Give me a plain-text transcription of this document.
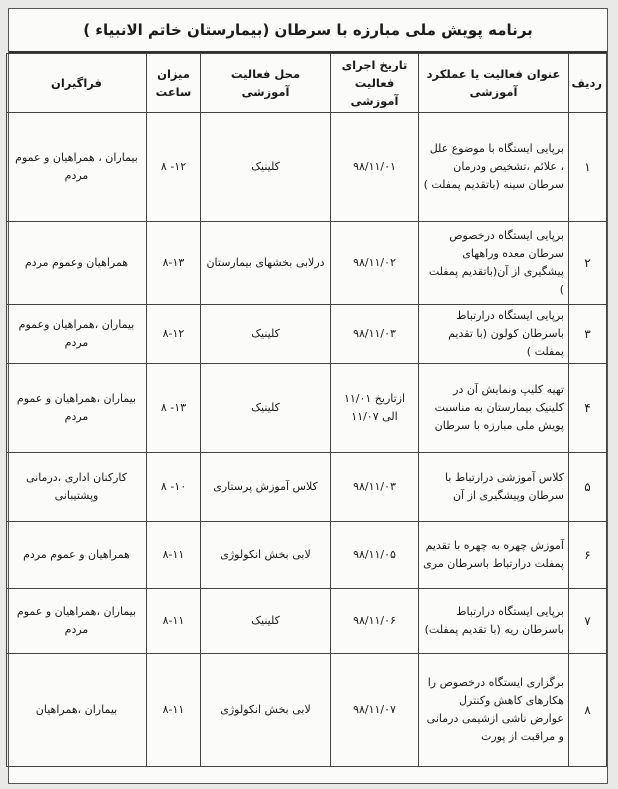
برنامه پویش ملی مبارزه با سرطان (بیمارستان خاتم الانبیاء )
ردیف	عنوان فعالیت یا عملکرد آموزشی	تاریخ اجرای فعالیت آموزشی	محل فعالیت آموزشی	میزان ساعت	فراگیران
۱	برپایی ایستگاه با موضوع علل ، علائم ،تشخیص ودرمان سرطان سینه (باتقدیم پمفلت )	۹۸/۱۱/۰۱	کلینیک	۱۲- ۸	بیماران ، همراهیان و عموم مردم
۲	برپایی ایستگاه درخصوص سرطان معده وراههای پیشگیری از آن(باتقدیم پمفلت )	۹۸/۱۱/۰۲	درلابی بخشهای بیمارستان	۸-۱۳	همراهیان وعموم مردم
۳	برپایی ایستگاه درارتباط باسرطان کولون (با تقدیم پمفلت )	۹۸/۱۱/۰۳	کلینیک	۸-۱۲	بیماران ،همراهیان وعموم مردم
۴	تهیه کلیپ ونمایش آن در کلینیک بیمارستان به مناسبت پویش ملی مبارزه با سرطان	ازتاریخ ۱۱/۰۱ الی ۱۱/۰۷	کلینیک	۱۳- ۸	بیماران ،همراهیان و عموم مردم
۵	کلاس آموزشی درارتباط با سرطان وپیشگیری از آن	۹۸/۱۱/۰۳	کلاس آموزش پرستاری	۱۰- ۸	کارکنان اداری ،درمانی وپشتیبانی
۶	آموزش چهره به چهره با تقدیم پمفلت درارتباط باسرطان مری	۹۸/۱۱/۰۵	لابی بخش انکولوژی	۸-۱۱	همراهیان و عموم مردم
۷	برپایی ایستگاه درارتباط باسرطان ریه (با تقدیم پمفلت)	۹۸/۱۱/۰۶	کلینیک	۸-۱۱	بیماران ،همراهیان و عموم مردم
۸	برگزاری ایستگاه درخصوص را هکارهای کاهش وکنترل عوارض ناشی ازشیمی درمانی و مراقبت از پورت	۹۸/۱۱/۰۷	لابی بخش انکولوژی	۸-۱۱	بیماران ،همراهیان
